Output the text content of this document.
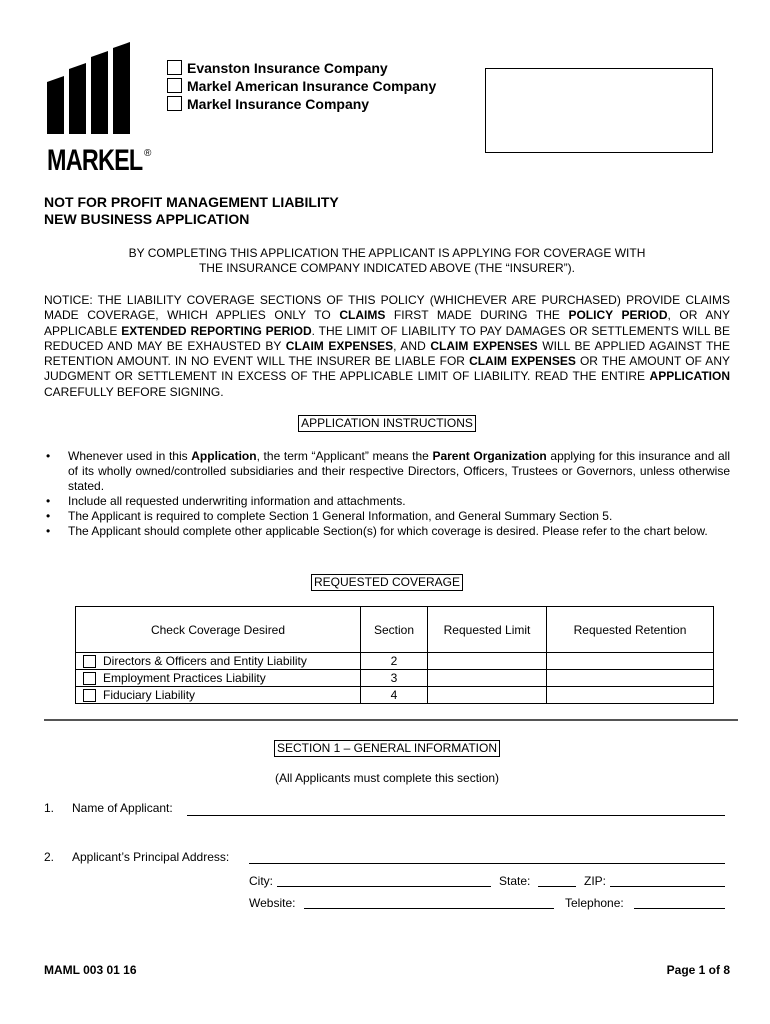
MARKEL ®
Evanston Insurance Company
Markel American Insurance Company
Markel Insurance Company
NOT FOR PROFIT MANAGEMENT LIABILITY
NEW BUSINESS APPLICATION
BY COMPLETING THIS APPLICATION THE APPLICANT IS APPLYING FOR COVERAGE WITH
THE INSURANCE COMPANY INDICATED ABOVE (THE “INSURER”).
NOTICE: THE LIABILITY COVERAGE SECTIONS OF THIS POLICY (WHICHEVER ARE PURCHASED) PROVIDE CLAIMS MADE COVERAGE, WHICH APPLIES ONLY TO CLAIMS FIRST MADE DURING THE POLICY PERIOD, OR ANY APPLICABLE EXTENDED REPORTING PERIOD. THE LIMIT OF LIABILITY TO PAY DAMAGES OR SETTLEMENTS WILL BE REDUCED AND MAY BE EXHAUSTED BY CLAIM EXPENSES, AND CLAIM EXPENSES WILL BE APPLIED AGAINST THE RETENTION AMOUNT. IN NO EVENT WILL THE INSURER BE LIABLE FOR CLAIM EXPENSES OR THE AMOUNT OF ANY JUDGMENT OR SETTLEMENT IN EXCESS OF THE APPLICABLE LIMIT OF LIABILITY. READ THE ENTIRE APPLICATION CAREFULLY BEFORE SIGNING.
APPLICATION INSTRUCTIONS
• Whenever used in this Application, the term “Applicant” means the Parent Organization applying for this insurance and all of its wholly owned/controlled subsidiaries and their respective Directors, Officers, Trustees or Governors, unless otherwise stated.
• Include all requested underwriting information and attachments.
• The Applicant is required to complete Section 1 General Information, and General Summary Section 5.
• The Applicant should complete other applicable Section(s) for which coverage is desired. Please refer to the chart below.
REQUESTED COVERAGE
Check Coverage Desired	Section	Requested Limit	Requested Retention
Directors & Officers and Entity Liability	2		
Employment Practices Liability	3		
Fiduciary Liability	4		
SECTION 1 – GENERAL INFORMATION
(All Applicants must complete this section)
1. Name of Applicant:
2. Applicant’s Principal Address:
City:	State:	ZIP:
Website:	Telephone:
MAML 003 01 16	Page 1 of 8
